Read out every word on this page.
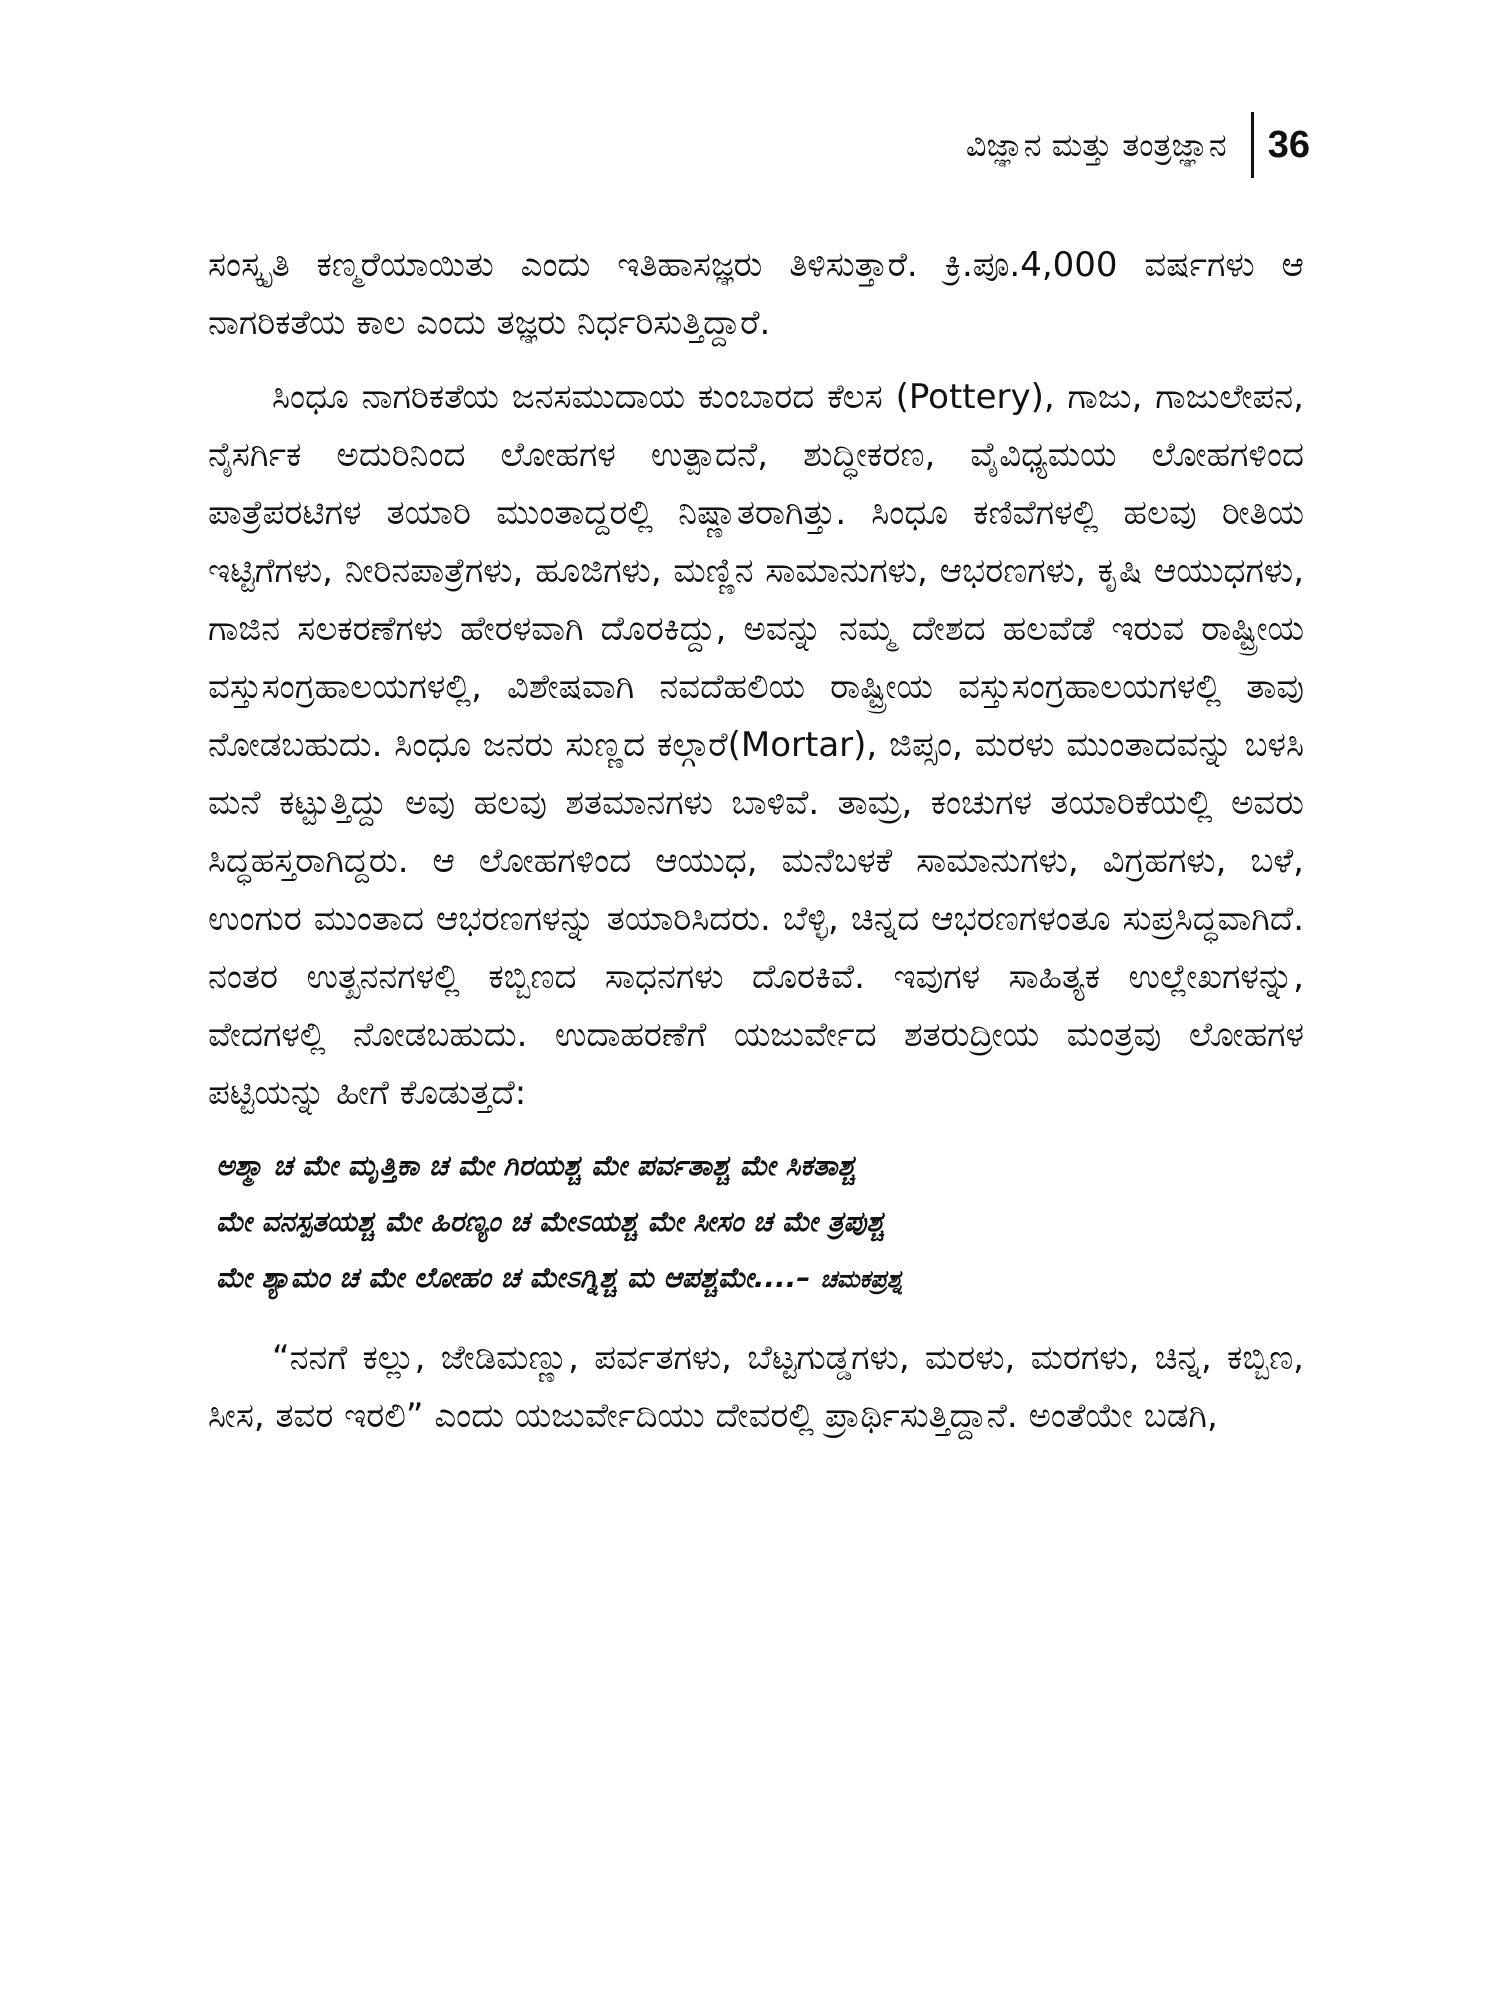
ವಿಜ್ಞಾನ ಮತ್ತು ತಂತ್ರಜ್ಞಾನ	36

ಸಂಸ್ಕೃತಿ ಕಣ್ಮರೆಯಾಯಿತು ಎಂದು ಇತಿಹಾಸಜ್ಞರು ತಿಳಿಸುತ್ತಾರೆ. ಕ್ರಿ.ಪೂ.4,000 ವರ್ಷಗಳು ಆ ನಾಗರಿಕತೆಯ ಕಾಲ ಎಂದು ತಜ್ಞರು ನಿರ್ಧರಿಸುತ್ತಿದ್ದಾರೆ.

ಸಿಂಧೂ ನಾಗರಿಕತೆಯ ಜನಸಮುದಾಯ ಕುಂಬಾರದ ಕೆಲಸ (Pottery), ಗಾಜು, ಗಾಜುಲೇಪನ, ನೈಸರ್ಗಿಕ ಅದುರಿನಿಂದ ಲೋಹಗಳ ಉತ್ಪಾದನೆ, ಶುದ್ಧೀಕರಣ, ವೈವಿಧ್ಯಮಯ ಲೋಹಗಳಿಂದ ಪಾತ್ರೆಪರಟಿಗಳ ತಯಾರಿ ಮುಂತಾದ್ದರಲ್ಲಿ ನಿಷ್ಣಾತರಾಗಿತ್ತು. ಸಿಂಧೂ ಕಣಿವೆಗಳಲ್ಲಿ ಹಲವು ರೀತಿಯ ಇಟ್ಟಿಗೆಗಳು, ನೀರಿನಪಾತ್ರೆಗಳು, ಹೂಜಿಗಳು, ಮಣ್ಣಿನ ಸಾಮಾನುಗಳು, ಆಭರಣಗಳು, ಕೃಷಿ ಆಯುಧಗಳು, ಗಾಜಿನ ಸಲಕರಣೆಗಳು ಹೇರಳವಾಗಿ ದೊರಕಿದ್ದು, ಅವನ್ನು ನಮ್ಮ ದೇಶದ ಹಲವೆಡೆ ಇರುವ ರಾಷ್ಟ್ರೀಯ ವಸ್ತುಸಂಗ್ರಹಾಲಯಗಳಲ್ಲಿ, ವಿಶೇಷವಾಗಿ ನವದೆಹಲಿಯ ರಾಷ್ಟ್ರೀಯ ವಸ್ತುಸಂಗ್ರಹಾಲಯಗಳಲ್ಲಿ ತಾವು ನೋಡಬಹುದು. ಸಿಂಧೂ ಜನರು ಸುಣ್ಣದ ಕಲ್ಗಾರೆ(Mortar), ಜಿಪ್ಸಂ, ಮರಳು ಮುಂತಾದವನ್ನು ಬಳಸಿ ಮನೆ ಕಟ್ಟುತ್ತಿದ್ದು ಅವು ಹಲವು ಶತಮಾನಗಳು ಬಾಳಿವೆ. ತಾಮ್ರ, ಕಂಚುಗಳ ತಯಾರಿಕೆಯಲ್ಲಿ ಅವರು ಸಿದ್ಧಹಸ್ತರಾಗಿದ್ದರು. ಆ ಲೋಹಗಳಿಂದ ಆಯುಧ, ಮನೆಬಳಕೆ ಸಾಮಾನುಗಳು, ವಿಗ್ರಹಗಳು, ಬಳೆ, ಉಂಗುರ ಮುಂತಾದ ಆಭರಣಗಳನ್ನು ತಯಾರಿಸಿದರು. ಬೆಳ್ಳಿ, ಚಿನ್ನದ ಆಭರಣಗಳಂತೂ ಸುಪ್ರಸಿದ್ಧವಾಗಿದೆ. ನಂತರ ಉತ್ಖನನಗಳಲ್ಲಿ ಕಬ್ಬಿಣದ ಸಾಧನಗಳು ದೊರಕಿವೆ. ಇವುಗಳ ಸಾಹಿತ್ಯಕ ಉಲ್ಲೇಖಗಳನ್ನು, ವೇದಗಳಲ್ಲಿ ನೋಡಬಹುದು. ಉದಾಹರಣೆಗೆ ಯಜುರ್ವೇದ ಶತರುದ್ರೀಯ ಮಂತ್ರವು ಲೋಹಗಳ ಪಟ್ಟಿಯನ್ನು ಹೀಗೆ ಕೊಡುತ್ತದೆ:

ಅಶ್ಮಾ ಚ ಮೇ ಮೃತ್ತಿಕಾ ಚ ಮೇ ಗಿರಯಶ್ಚ ಮೇ ಪರ್ವತಾಶ್ಚ ಮೇ ಸಿಕತಾಶ್ಚ
ಮೇ ವನಸ್ಪತಯಶ್ಚ ಮೇ ಹಿರಣ್ಯಂ ಚ ಮೇಽಯಶ್ಚ ಮೇ ಸೀಸಂ ಚ ಮೇ ತ್ರಪುಶ್ಚ
ಮೇ ಶ್ಯಾಮಂ ಚ ಮೇ ಲೋಹಂ ಚ ಮೇಽಗ್ನಿಶ್ಚ ಮ ಆಪಶ್ಚಮೇ....– ಚಮಕಪ್ರಶ್ನ

“ನನಗೆ ಕಲ್ಲು, ಜೇಡಿಮಣ್ಣು, ಪರ್ವತಗಳು, ಬೆಟ್ಟಗುಡ್ಡಗಳು, ಮರಳು, ಮರಗಳು, ಚಿನ್ನ, ಕಬ್ಬಿಣ, ಸೀಸ, ತವರ ಇರಲಿ” ಎಂದು ಯಜುರ್ವೇದಿಯು ದೇವರಲ್ಲಿ ಪ್ರಾರ್ಥಿಸುತ್ತಿದ್ದಾನೆ. ಅಂತೆಯೇ ಬಡಗಿ,
